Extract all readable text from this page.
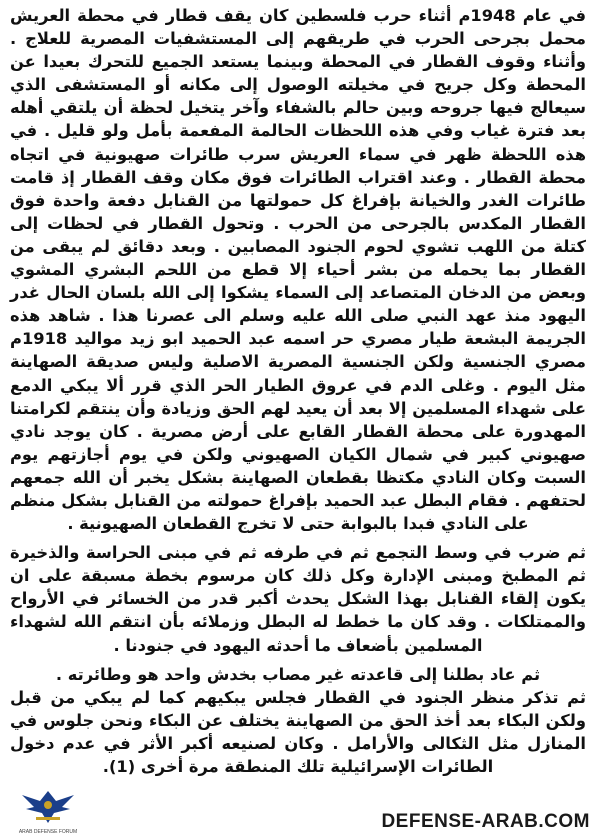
في عام 1948م أثناء حرب فلسطين كان يقف قطار في محطة العريش محمل بجرحى الحرب في طريقهم إلى المستشفيات المصرية للعلاج . وأثناء وقوف القطار في المحطة وبينما يستعد الجميع للتحرك بعيدا عن المحطة وكل جريح في مخيلته الوصول إلى مكانه أو المستشفى الذي سيعالج فيها جروحه وبين حالم بالشفاء وآخر يتخيل لحظة أن يلتقي أهله بعد فترة غياب وفي هذه اللحظات الحالمة المفعمة بأمل ولو قليل . في هذه اللحظة ظهر في سماء العريش سرب طائرات صهيونية في اتجاه محطة القطار . وعند اقتراب الطائرات فوق مكان وقف القطار إذ قامت طائرات الغدر والخيانة بإفراغ كل حمولتها من القنابل دفعة واحدة فوق القطار المكدس بالجرحى من الحرب . وتحول القطار في لحظات إلى كتلة من اللهب تشوي لحوم الجنود المصابين . وبعد دقائق لم يبقى من القطار بما يحمله من بشر أحياء إلا قطع من اللحم البشري المشوي وبعض من الدخان المتصاعد إلى السماء يشكوا إلى الله بلسان الحال غدر اليهود منذ عهد النبي صلى الله عليه وسلم الى عصرنا هذا . شاهد هذه الجريمة البشعة طيار مصري حر اسمه عبد الحميد ابو زيد مواليد 1918م مصري الجنسية ولكن الجنسية المصرية الاصلية وليس صديقة الصهاينة مثل اليوم . وغلى الدم في عروق الطيار الحر الذي قرر ألا يبكي الدمع على شهداء المسلمين إلا بعد أن يعيد لهم الحق وزيادة وأن ينتقم لكرامتنا المهدورة على محطة القطار القابع على أرض مصرية . كان يوجد نادي صهيوني كبير في شمال الكيان الصهيوني ولكن في يوم أجازتهم يوم السبت وكان النادي مكتظا بقطعان الصهاينة بشكل يخبر أن الله جمعهم لحتفهم . فقام البطل عبد الحميد بإفراغ حمولته من القنابل بشكل منظم على النادي فبدا بالبوابة حتى لا تخرج القطعان الصهيونية .

ثم ضرب في وسط التجمع ثم في طرفه ثم في مبنى الحراسة والذخيرة ثم المطبخ ومبنى الإدارة وكل ذلك كان مرسوم بخطة مسبقة على ان يكون إلقاء القنابل بهذا الشكل يحدث أكبر قدر من الخسائر في الأرواح والممتلكات . وقد كان ما خطط له البطل وزملائه بأن انتقم الله لشهداء المسلمين بأضعاف ما أحدثه اليهود في جنودنا .

ثم عاد بطلنا إلى قاعدته غير مصاب بخدش واحد هو وطائرته .

ثم تذكر منظر الجنود في القطار فجلس يبكيهم كما لم يبكي من قبل ولكن البكاء بعد أخذ الحق من الصهاينة يختلف عن البكاء ونحن جلوس في المنازل مثل الثكالى والأرامل . وكان لصنيعه أكبر الأثر في عدم دخول الطائرات الإسرائيلية تلك المنطقة مرة أخرى (1).

ARAB DEFENSE FORUM	DEFENSE-ARAB.COM
